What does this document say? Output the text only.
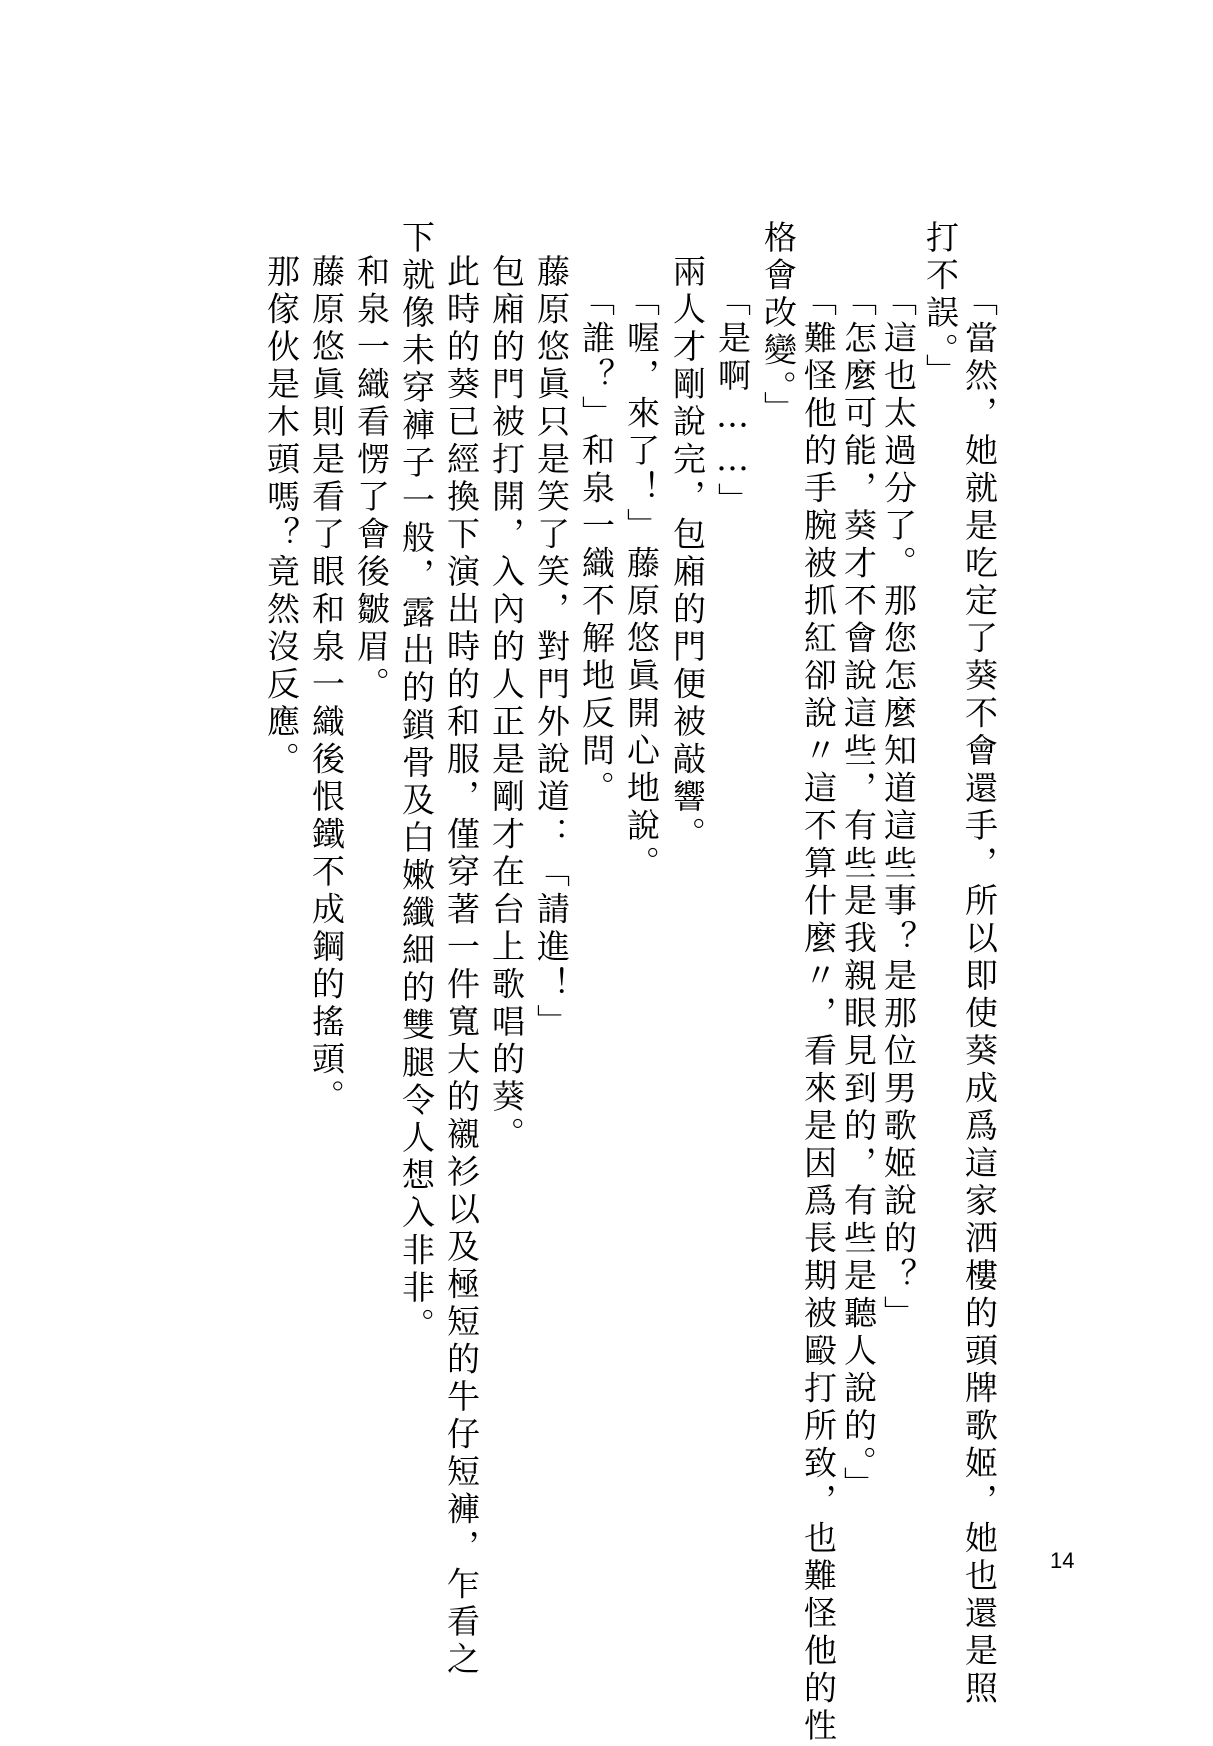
「當然，她就是吃定了葵不會還手，所以即使葵成爲這家洒樓的頭牌歌姬，她也還是照
打不誤。」
「這也太過分了。那您怎麼知道這些事？是那位男歌姬說的？」
「怎麼可能，葵才不會說這些，有些是我親眼見到的，有些是聽人說的。」
「難怪他的手腕被抓紅卻說〃這不算什麼〃，看來是因爲長期被毆打所致，也難怪他的性
格會改變。」
「是啊……」
兩人才剛說完，包廂的門便被敲響。
「喔，來了！」藤原悠眞開心地說。
「誰？」和泉一織不解地反問。
藤原悠眞只是笑了笑，對門外說道：「請進！」
包廂的門被打開，入內的人正是剛才在台上歌唱的葵。
此時的葵已經換下演出時的和服，僅穿著一件寬大的襯衫以及極短的牛仔短褲，乍看之
下就像未穿褲子一般，露出的鎖骨及白嫩纖細的雙腿令人想入非非。
和泉一織看愣了會後皺眉。
藤原悠眞則是看了眼和泉一織後恨鐵不成鋼的搖頭。
那傢伙是木頭嗎？竟然沒反應。
14
